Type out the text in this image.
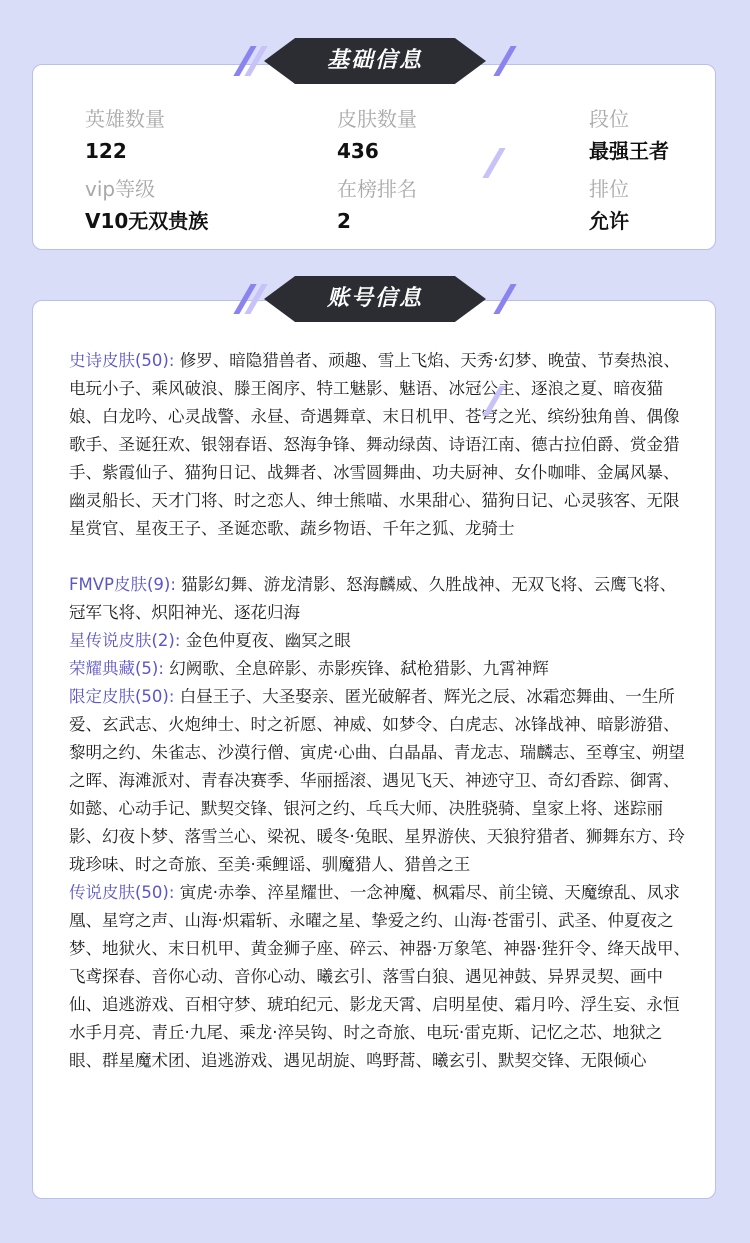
英雄数量
122
皮肤数量
436
段位
最强王者
vip等级
V10无双贵族
在榜排名
2
排位
允许

史诗皮肤(50): 修罗、暗隐猎兽者、顽趣、雪上飞焰、天秀·幻梦、晚萤、节奏热浪、电玩小子、乘风破浪、滕王阁序、特工魅影、魅语、冰冠公主、逐浪之夏、暗夜猫娘、白龙吟、心灵战警、永昼、奇遇舞章、末日机甲、苍穹之光、缤纷独角兽、偶像歌手、圣诞狂欢、银翎春语、怒海争锋、舞动绿茵、诗语江南、德古拉伯爵、赏金猎手、紫霞仙子、猫狗日记、战舞者、冰雪圆舞曲、功夫厨神、女仆咖啡、金属风暴、幽灵船长、天才门将、时之恋人、绅士熊喵、水果甜心、猫狗日记、心灵骇客、无限星赏官、星夜王子、圣诞恋歌、蔬乡物语、千年之狐、龙骑士

FMVP皮肤(9): 猫影幻舞、游龙清影、怒海麟威、久胜战神、无双飞将、云鹰飞将、冠军飞将、炽阳神光、逐花归海

星传说皮肤(2): 金色仲夏夜、幽冥之眼

荣耀典藏(5): 幻阙歌、全息碎影、赤影疾锋、弑枪猎影、九霄神辉

限定皮肤(50): 白昼王子、大圣娶亲、匿光破解者、辉光之辰、冰霜恋舞曲、一生所爱、玄武志、火炮绅士、时之祈愿、神威、如梦令、白虎志、冰锋战神、暗影游猎、黎明之约、朱雀志、沙漠行僧、寅虎·心曲、白晶晶、青龙志、瑞麟志、至尊宝、朔望之晖、海滩派对、青春决赛季、华丽摇滚、遇见飞天、神迹守卫、奇幻香踪、御霄、如懿、心动手记、默契交锋、银河之约、乓乓大师、决胜骁骑、皇家上将、迷踪丽影、幻夜卜梦、落雪兰心、梁祝、暖冬·兔眠、星界游侠、天狼狩猎者、狮舞东方、玲珑珍味、时之奇旅、至美·乘鲤谣、驯魔猎人、猎兽之王

传说皮肤(50): 寅虎·赤拳、淬星耀世、一念神魔、枫霜尽、前尘镜、天魔缭乱、凤求凰、星穹之声、山海·炽霜斩、永曜之星、挚爱之约、山海·苍雷引、武圣、仲夏夜之梦、地狱火、末日机甲、黄金狮子座、碎云、神器·万象笔、神器·狴犴令、绛天战甲、飞鸢探春、音你心动、音你心动、曦玄引、落雪白狼、遇见神鼓、异界灵契、画中仙、追逃游戏、百相守梦、琥珀纪元、影龙天霄、启明星使、霜月吟、浮生妄、永恒水手月亮、青丘·九尾、乘龙·淬吴钩、时之奇旅、电玩·雷克斯、记忆之芯、地狱之眼、群星魔术团、追逃游戏、遇见胡旋、鸣野蒿、曦玄引、默契交锋、无限倾心

基础信息
账号信息
